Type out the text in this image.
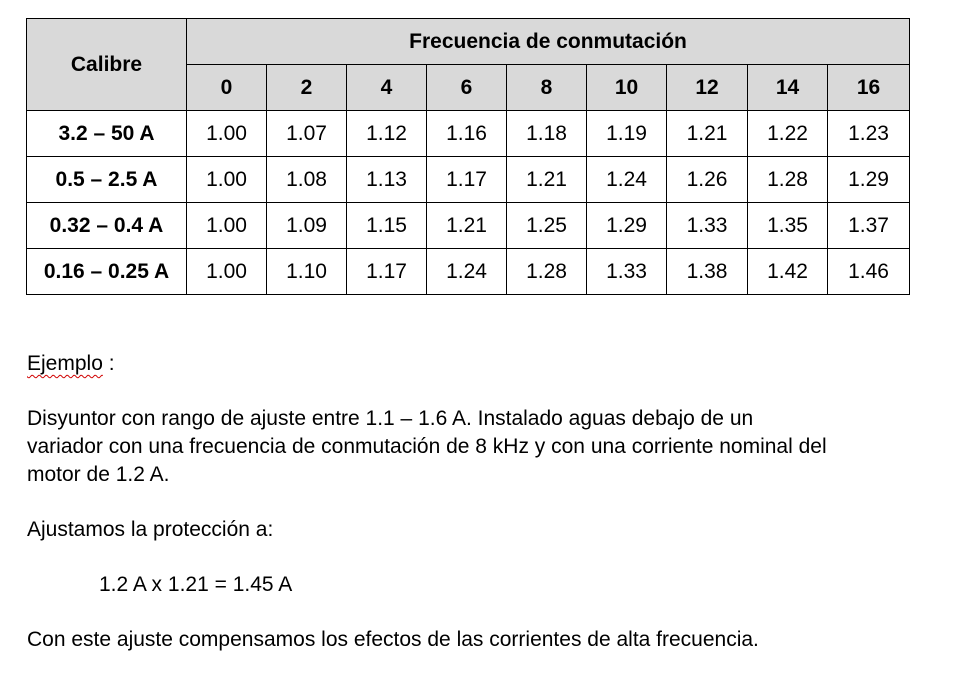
Calibre	Frecuencia de conmutación								
	0	2	4	6	8	10	12	14	16
3.2 – 50 A	1.00	1.07	1.12	1.16	1.18	1.19	1.21	1.22	1.23
0.5 – 2.5 A	1.00	1.08	1.13	1.17	1.21	1.24	1.26	1.28	1.29
0.32 – 0.4 A	1.00	1.09	1.15	1.21	1.25	1.29	1.33	1.35	1.37
0.16 – 0.25 A	1.00	1.10	1.17	1.24	1.28	1.33	1.38	1.42	1.46
Ejemplo :
Disyuntor con rango de ajuste entre 1.1 – 1.6 A. Instalado aguas debajo de un
variador con una frecuencia de conmutación de 8 kHz y con una corriente nominal del
motor de 1.2 A.
Ajustamos la protección a:
1.2 A x 1.21 = 1.45 A
Con este ajuste compensamos los efectos de las corrientes de alta frecuencia.
